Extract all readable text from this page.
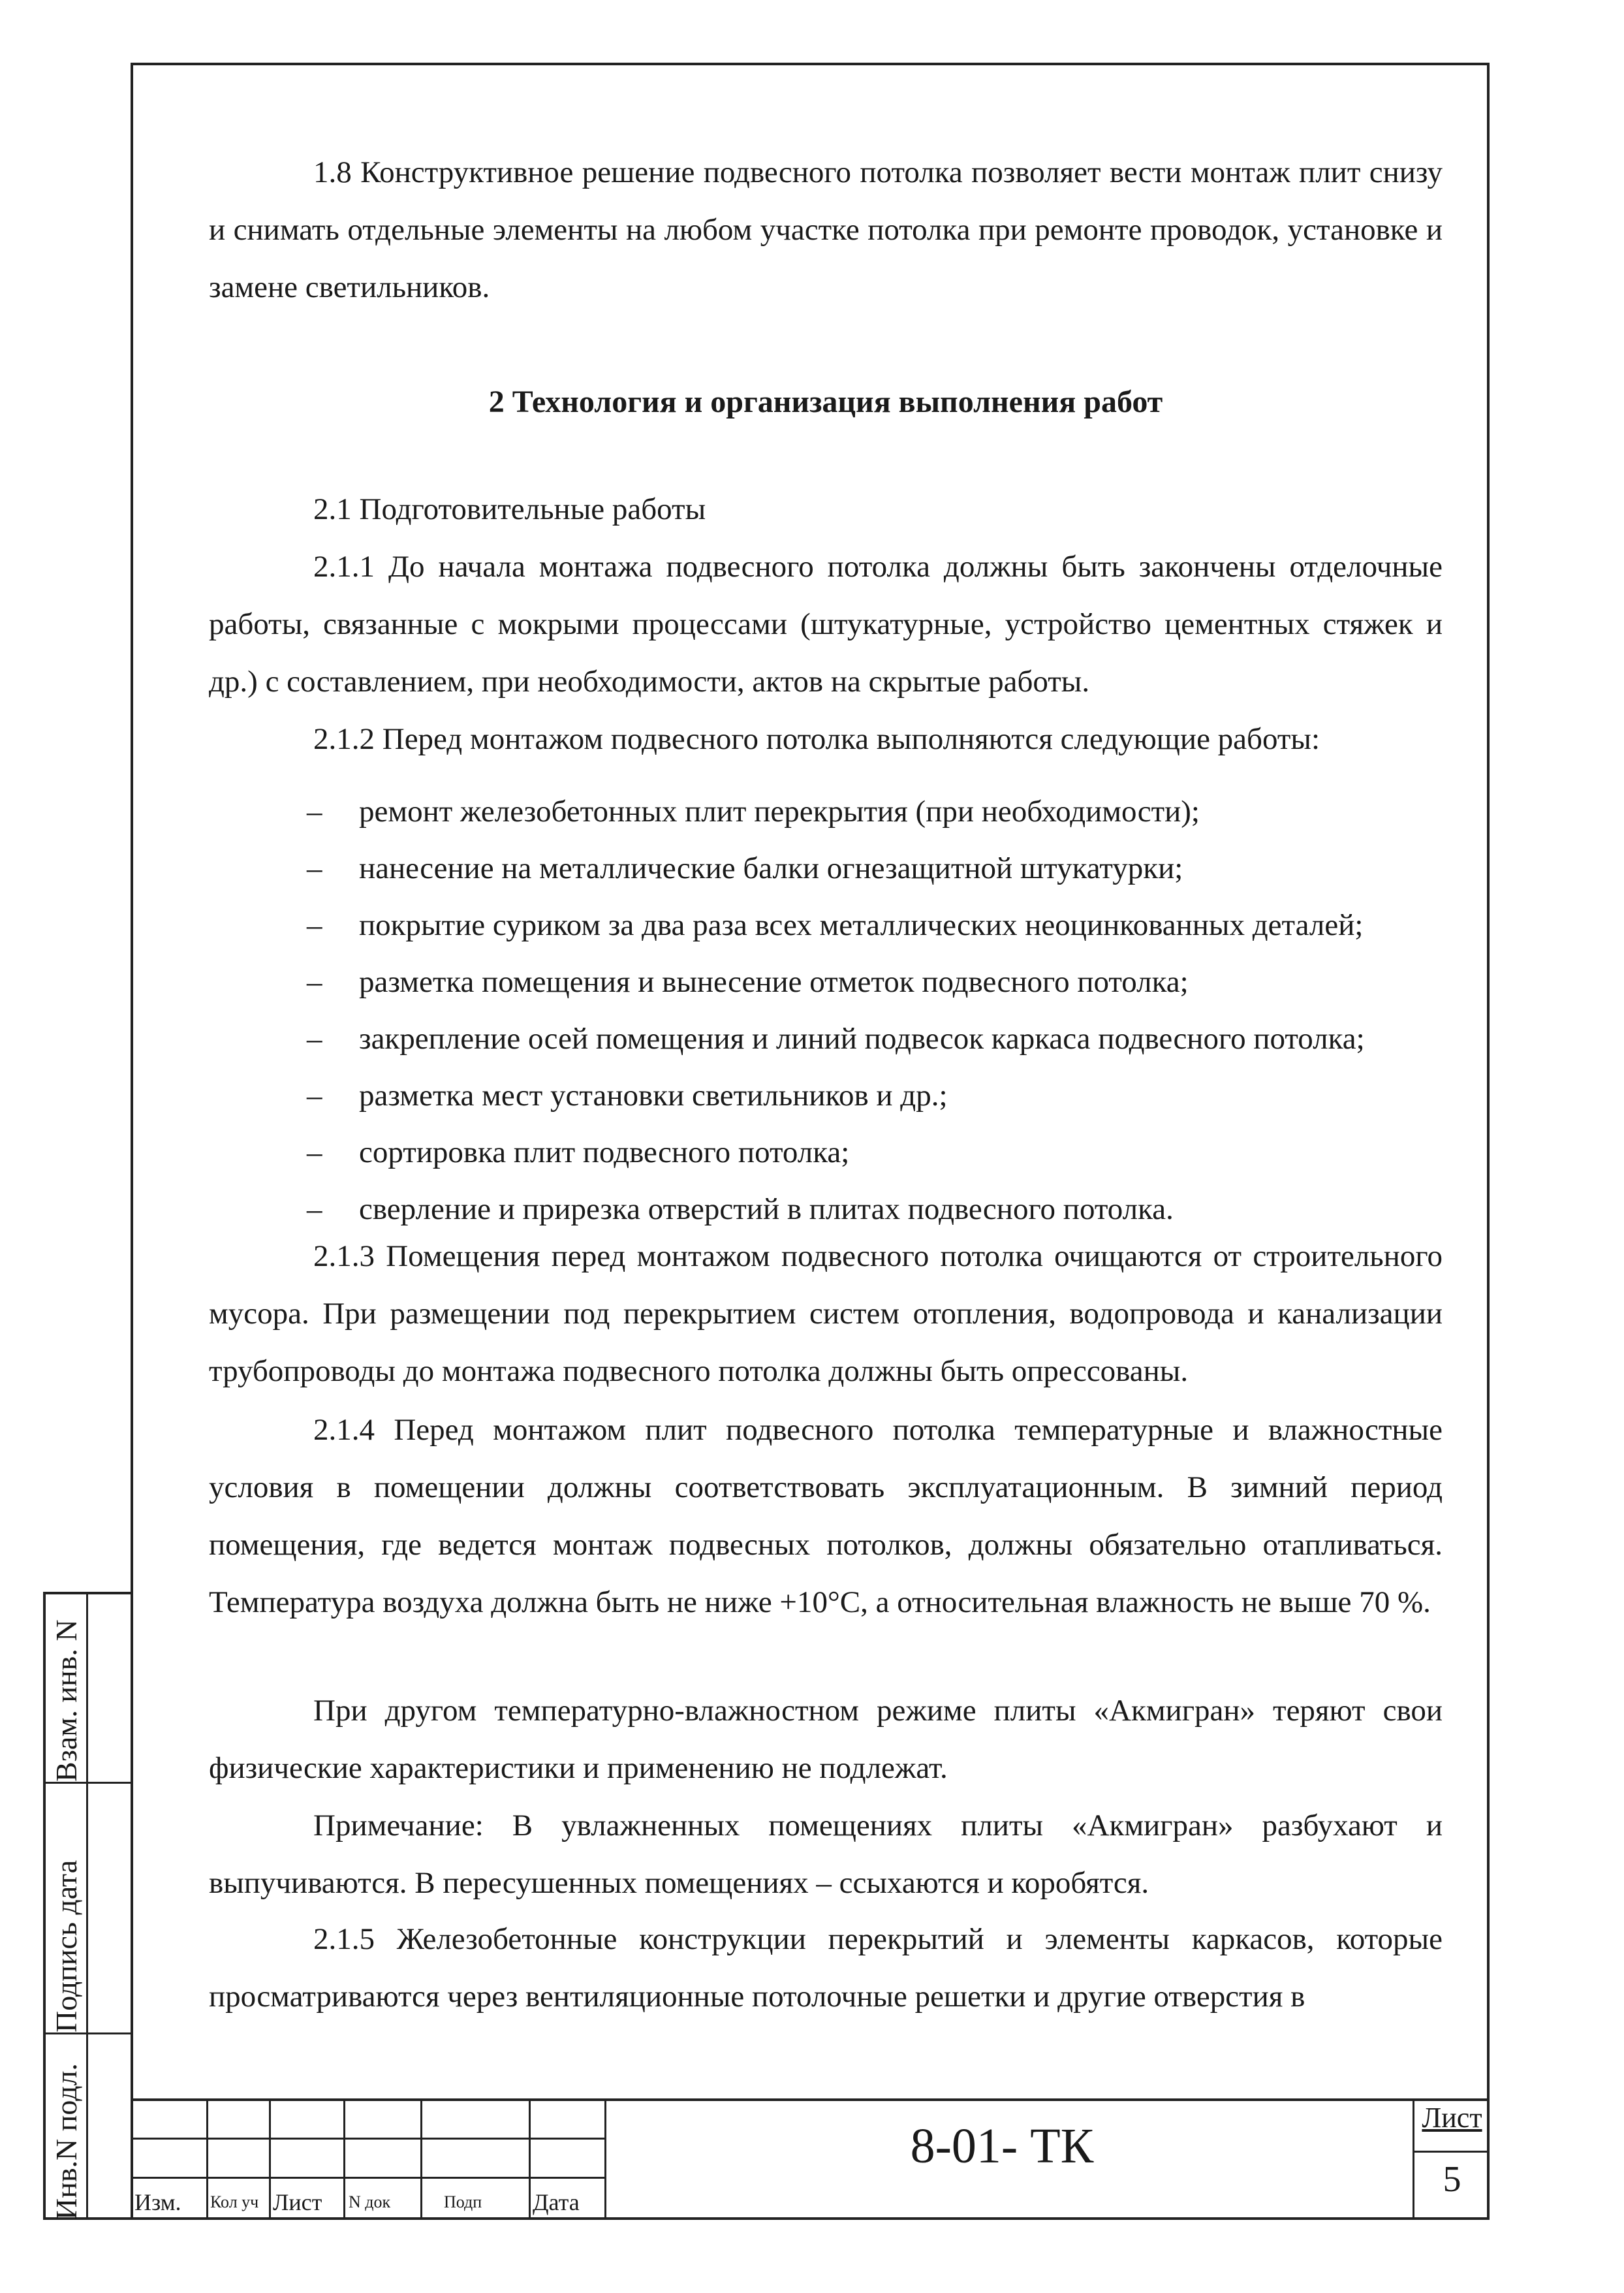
1.8 Конструктивное решение подвесного потолка позволяет вести монтаж плит снизу и снимать отдельные элементы на любом участке потолка при ремонте проводок, установке и замене светильников.
2 Технология и организация выполнения работ
2.1 Подготовительные работы
2.1.1 До начала монтажа подвесного потолка должны быть закончены отделочные работы, связанные с мокрыми процессами (штукатурные, устройство цементных стяжек и др.) с составлением, при необходимости, актов на скрытые работы.
2.1.2 Перед монтажом подвесного потолка выполняются следующие работы:
– ремонт железобетонных плит перекрытия (при необходимости);
– нанесение на металлические балки огнезащитной штукатурки;
– покрытие суриком за два раза всех металлических неоцинкованных деталей;
– разметка помещения и вынесение отметок подвесного потолка;
– закрепление осей помещения и линий подвесок каркаса подвесного потолка;
– разметка мест установки светильников и др.;
– сортировка плит подвесного потолка;
– сверление и прирезка отверстий в плитах подвесного потолка.
2.1.3 Помещения перед монтажом подвесного потолка очищаются от строительного мусора. При размещении под перекрытием систем отопления, водопровода и канализации трубопроводы до монтажа подвесного потолка должны быть опрессованы.
2.1.4 Перед монтажом плит подвесного потолка температурные и влажностные условия в помещении должны соответствовать эксплуатационным. В зимний период помещения, где ведется монтаж подвесных потолков, должны обязательно отапливаться. Температура воздуха должна быть не ниже +10°С, а относительная влажность не выше 70 %.
При другом температурно-влажностном режиме плиты «Акмигран» теряют свои физические характеристики и применению не подлежат.
Примечание: В увлажненных помещениях плиты «Акмигран» разбухают и выпучиваются. В пересушенных помещениях – ссыхаются и коробятся.
2.1.5 Железобетонные конструкции перекрытий и элементы каркасов, которые просматриваются через вентиляционные потолочные решетки и другие отверстия в
Взам. инв. N
Подпись дата
Инв.N подл. Изм. Кол уч Лист N док	Подп Дата
8-01- ТК
Лист
5
